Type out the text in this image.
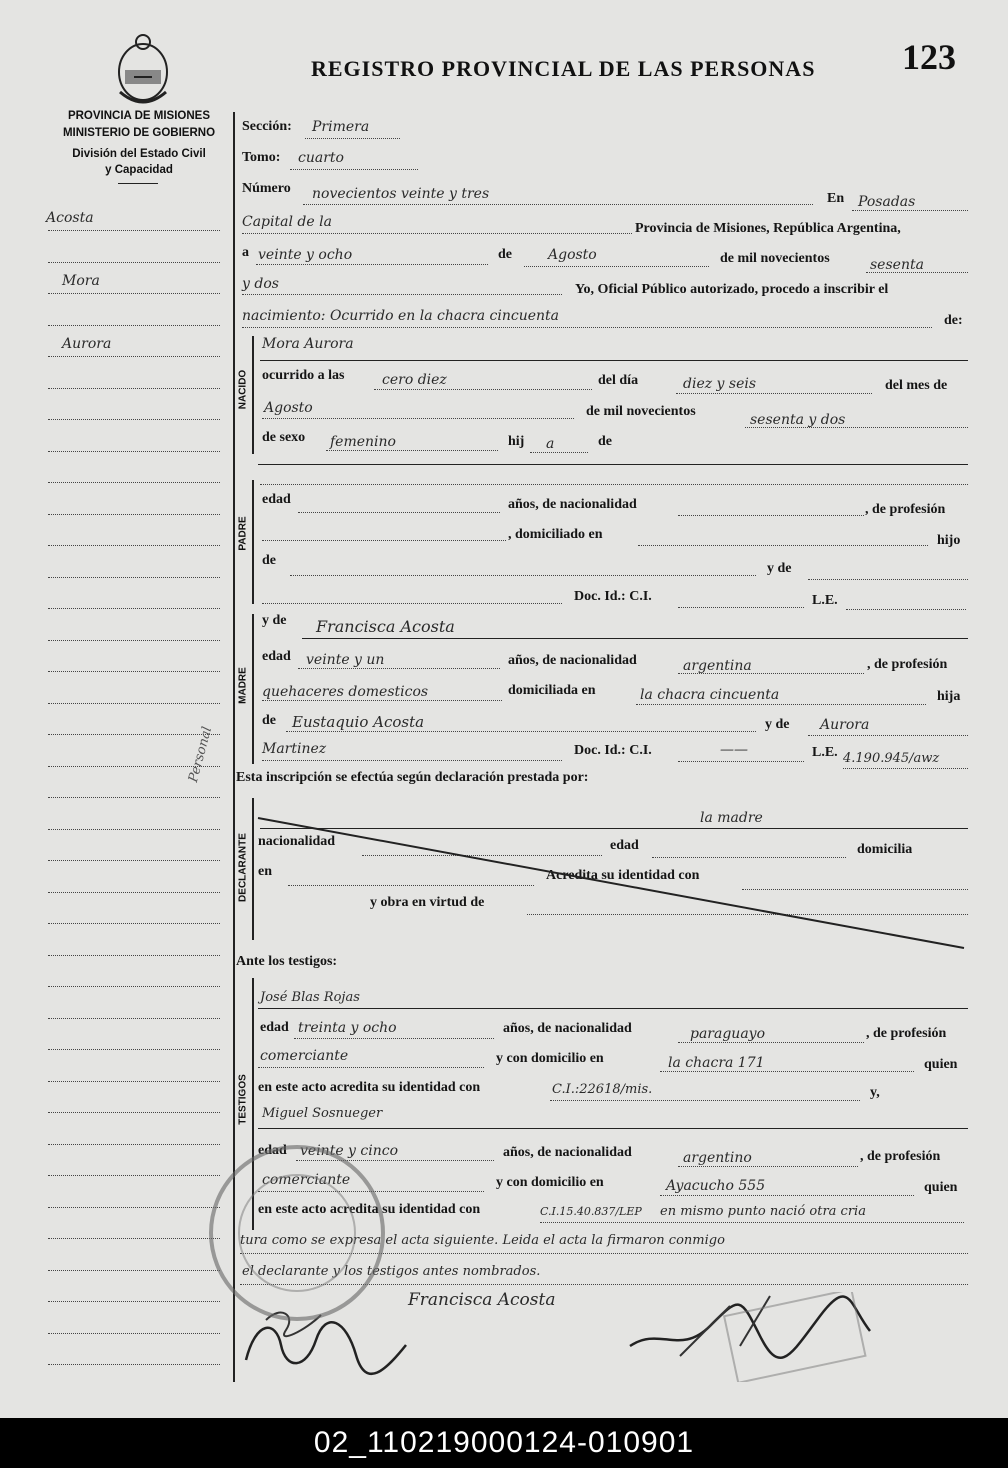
PROVINCIA DE MISIONES
MINISTERIO DE GOBIERNO
División del Estado Civil
y Capacidad
REGISTRO PROVINCIAL DE LAS PERSONAS 123
Acosta
Mora
Aurora
Personal
Sección: Primera
Tomo: cuarto
Número novecientos veinte y tres	En Posadas
Capital de la	Provincia de Misiones, República Argentina,
a veinte y ocho	de	Agosto	de mil novecientos	sesenta
y dos	Yo, Oficial Público autorizado, procedo a inscribir el
nacimiento: Ocurrido en la chacra cincuenta	de:
NACIDO
Mora Aurora
ocurrido a las	cero diez	del día	diez y seis	del mes de
Agosto	de mil novecientos
sesenta y dos
de sexo femenino	hij a	de
PADRE
edad	años, de nacionalidad	, de profesión
, domiciliado en	hijo
de
y de
Doc. Id.: C.I.	L.E.
MADRE
y de Francisca Acosta
edad veinte y un	años, de nacionalidad	argentina	, de profesión
quehaceres domesticos	domiciliada en	la chacra cincuenta	hija
de Eustaquio Acosta	y de Aurora
Martinez	Doc. Id.: C.I.	——	L.E. 4.190.945/awz
Esta inscripción se efectúa según declaración prestada por:
DECLARANTE
la madre
nacionalidad	edad	domicilia
en	Acredita su identidad con
y obra en virtud de
Ante los testigos:
TESTIGOS
José Blas Rojas
edad treinta y ocho	años, de nacionalidad	paraguayo	, de profesión
comerciante	y con domicilio en	la chacra 171	quien
en este acto acredita su identidad con	C.I.:22618/mis.	y,
Miguel Sosnueger
edad veinte y cinco	años, de nacionalidad	argentino	, de profesión
comerciante	y con domicilio en	Ayacucho 555	quien
en este acto acredita su identidad con	C.I.15.40.837/LEP en mismo punto nació otra cria
tura como se expresa el acta siguiente. Leida el acta la firmaron conmigo
el declarante y los testigos antes nombrados.
Francisca Acosta
02_110219000124-010901
